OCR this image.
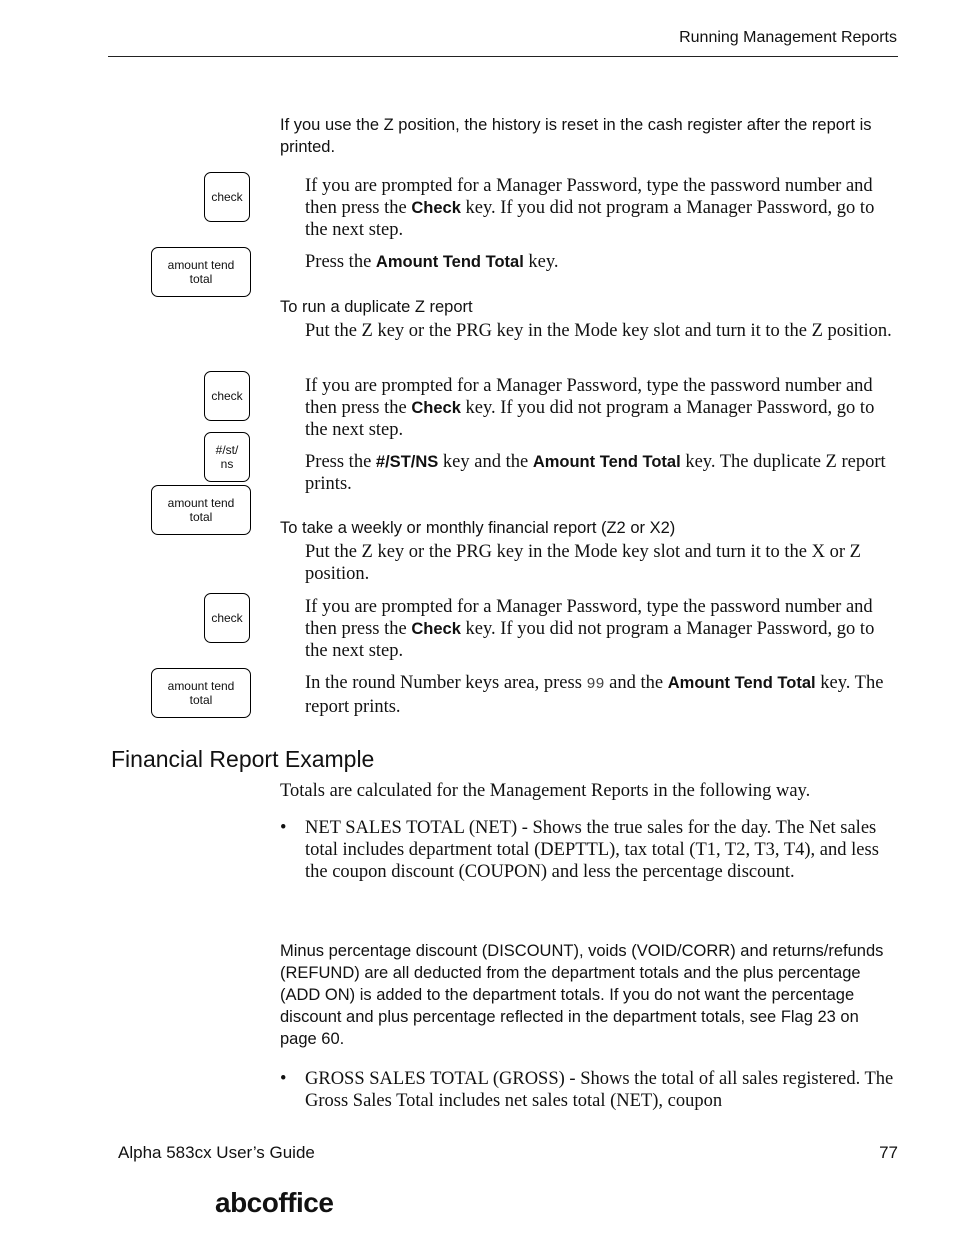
Running Management Reports
If you use the Z position, the history is reset in the cash register after the report is printed.
check
amount tend total
If you are prompted for a Manager Password, type the password number and then press the Check key. If you did not program a Manager Password, go to the next step.
Press the Amount Tend Total key.
To run a duplicate Z report
Put the Z key or the PRG key in the Mode key slot and turn it to the Z position.
check
#/st/ ns
amount tend total
If you are prompted for a Manager Password, type the password number and then press the Check key. If you did not program a Manager Password, go to the next step.
Press the #/ST/NS key and the Amount Tend Total key. The duplicate Z report prints.
To take a weekly or monthly financial report (Z2 or X2)
Put the Z key or the PRG key in the Mode key slot and turn it to the X or Z position.
check
amount tend total
If you are prompted for a Manager Password, type the password number and then press the Check key. If you did not program a Manager Password, go to the next step.
In the round Number keys area, press 99 and the Amount Tend Total key. The report prints.
Financial Report Example
Totals are calculated for the Management Reports in the following way.
• NET SALES TOTAL (NET) - Shows the true sales for the day. The Net sales total includes department total (DEPTTL), tax total (T1, T2, T3, T4), and less the coupon discount (COUPON) and less the percentage discount.
Minus percentage discount (DISCOUNT), voids (VOID/CORR) and returns/refunds (REFUND) are all deducted from the department totals and the plus percentage (ADD ON) is added to the department totals. If you do not want the percentage discount and plus percentage reflected in the department totals, see Flag 23 on page 60.
• GROSS SALES TOTAL (GROSS) - Shows the total of all sales registered. The Gross Sales Total includes net sales total (NET), coupon
Alpha 583cx User’s Guide	77
abcoffice
